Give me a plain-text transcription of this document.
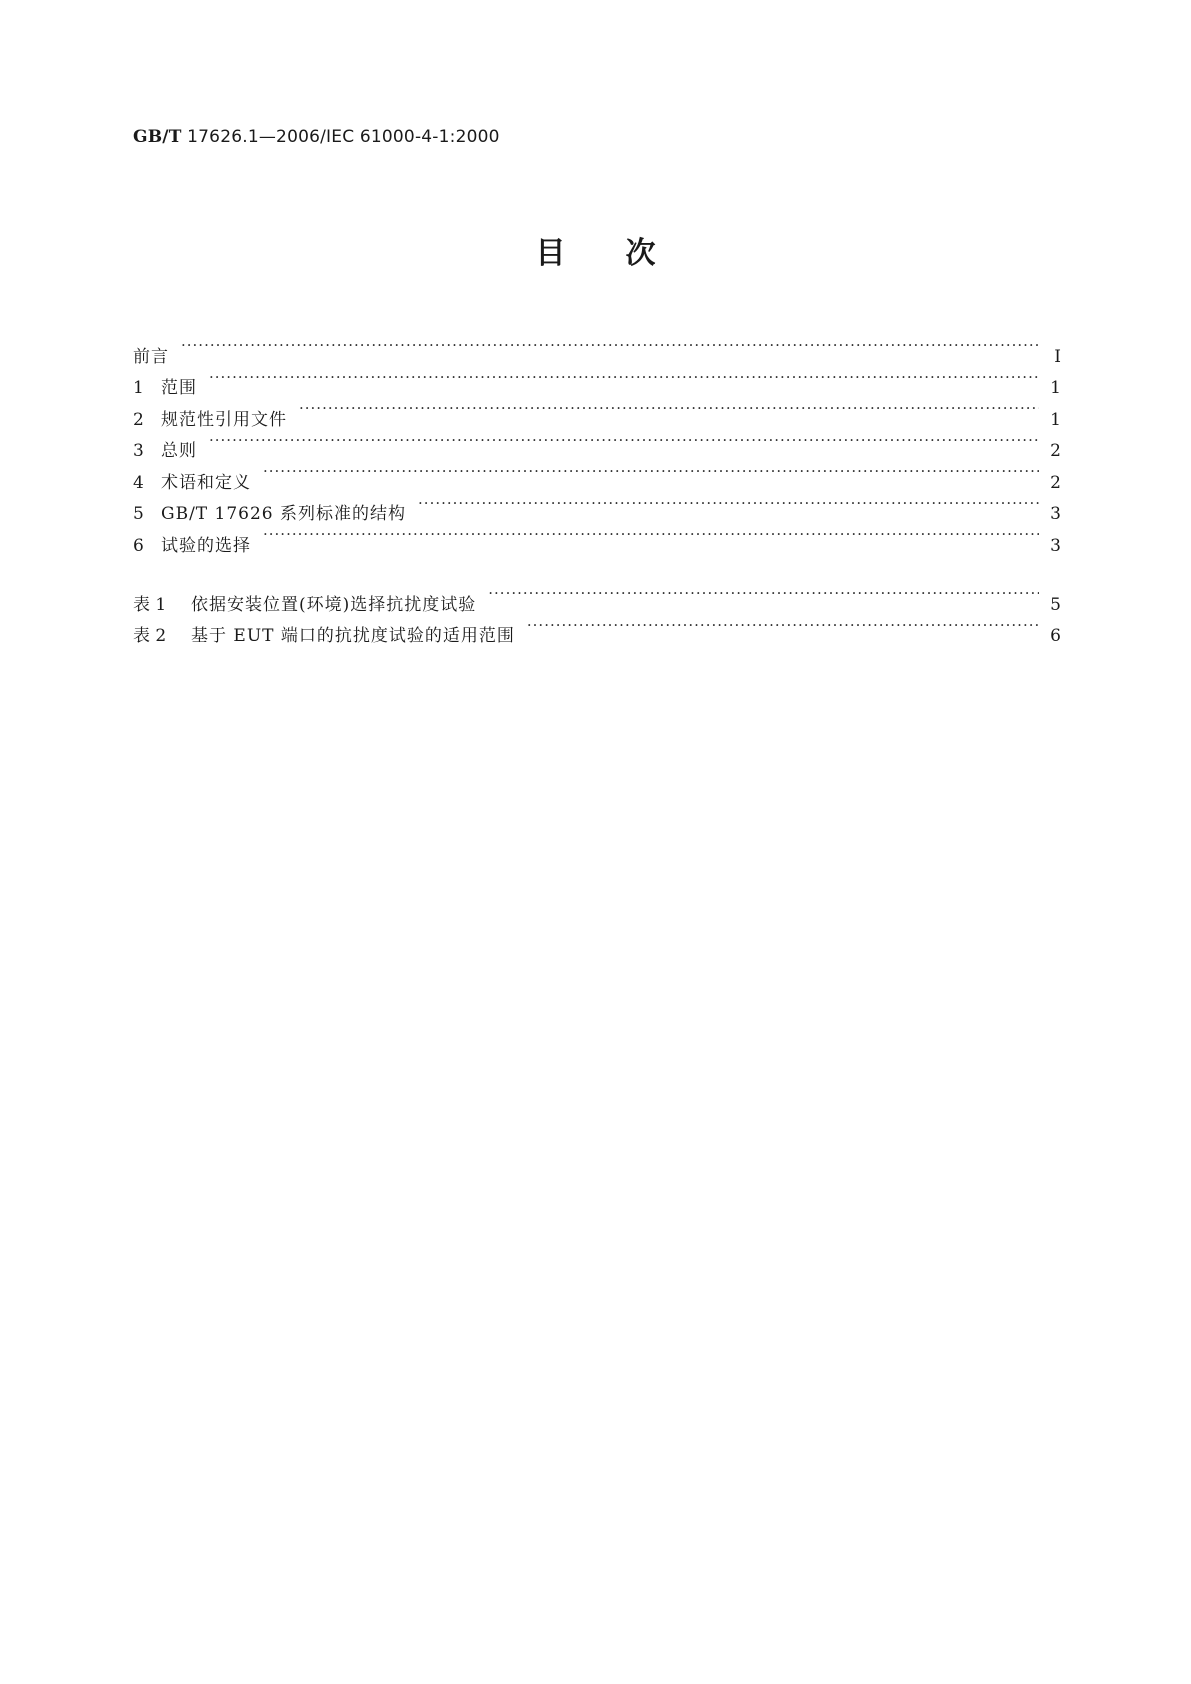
GB/T 17626.1—2006/IEC 61000-4-1:2000
目次
前言 ·····	I
1	范围 ·····	1
2	规范性引用文件 ·····	1
3	总则 ·····	2
4	术语和定义 ·····	2
5	GB/T 17626 系列标准的结构 ·····	3
6	试验的选择 ·····	3
表 1	依据安装位置(环境)选择抗扰度试验 ·····	5
表 2	基于 EUT 端口的抗扰度试验的适用范围 ·····	6
